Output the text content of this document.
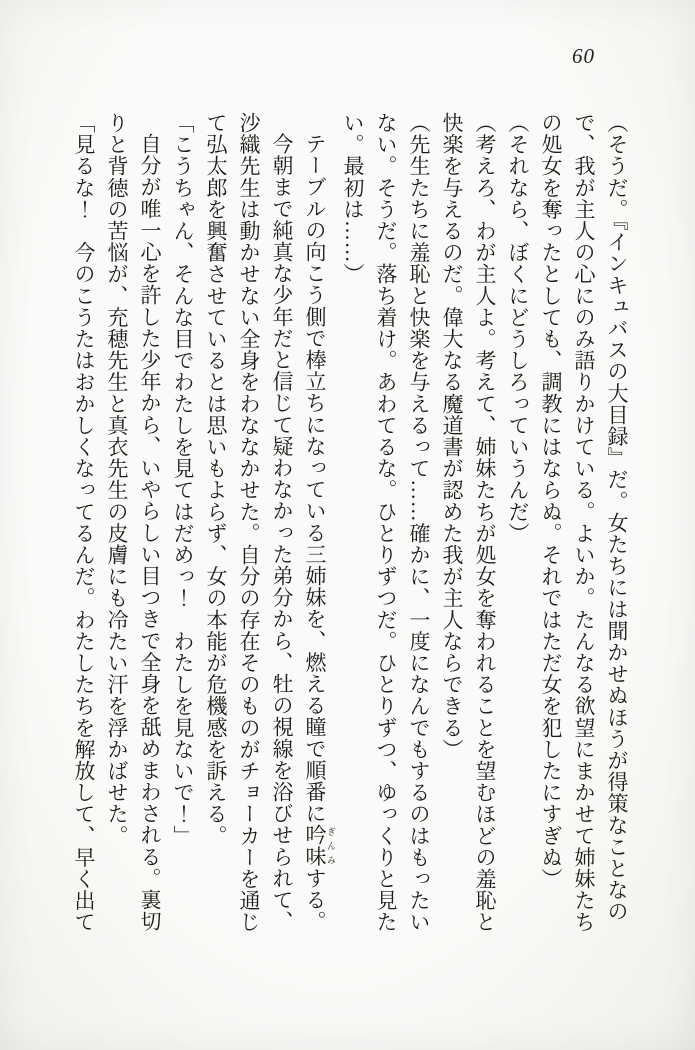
60
（そうだ。『インキュバスの大目録』だ。女たちには聞かせぬほうが得策なことなの
で、我が主人の心にのみ語りかけている。よいか。たんなる欲望にまかせて姉妹たち
の処女を奪ったとしても、調教にはならぬ。それではただ女を犯したにすぎぬ）
（それなら、ぼくにどうしろっていうんだ）
（考えろ、わが主人よ。考えて、姉妹たちが処女を奪われることを望むほどの羞恥と
快楽を与えるのだ。偉大なる魔道書が認めた我が主人ならできる）
（先生たちに羞恥と快楽を与えるって……確かに、一度になんでもするのはもったい
ない。そうだ。落ち着け。あわてるな。ひとりずつだ。ひとりずつ、ゆっくりと見た
い。最初は……）
テーブルの向こう側で棒立ちになっている三姉妹を、燃える瞳で順番に吟味 ぎんみする。
今朝まで純真な少年だと信じて疑わなかった弟分から、牡の視線を浴びせられて、
沙織先生は動かせない全身をわななかせた。自分の存在そのものがチョーカーを通じ
て弘太郎を興奮させているとは思いもよらず、女の本能が危機感を訴える。
「こうちゃん、そんな目でわたしを見てはだめっ！　わたしを見ないで！」
自分が唯一心を許した少年から、いやらしい目つきで全身を舐めまわされる。裏切
りと背徳の苦悩が、充穂先生と真衣先生の皮膚にも冷たい汗を浮かばせた。
「見るな！　今のこうたはおかしくなってるんだ。わたしたちを解放して、早く出て
